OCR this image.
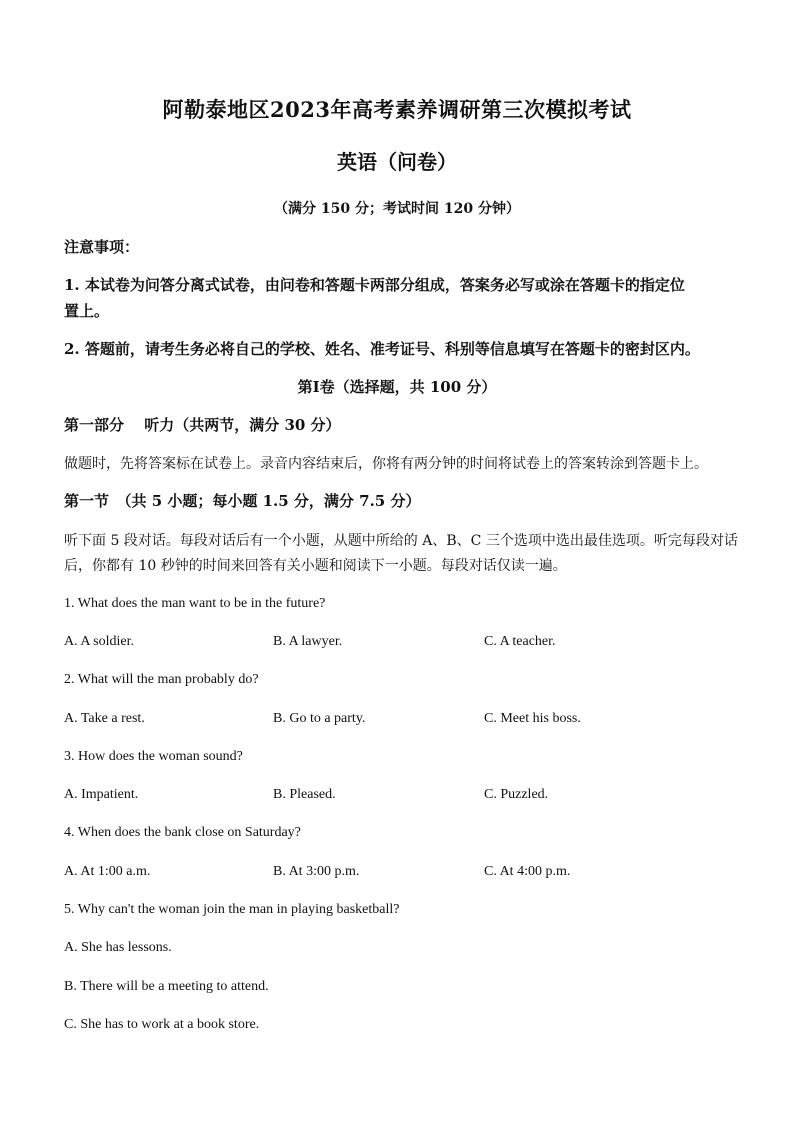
阿勒泰地区2023年高考素养调研第三次模拟考试
英语（问卷）
（满分 150 分；考试时间 120 分钟）
注意事项：
1. 本试卷为问答分离式试卷，由问卷和答题卡两部分组成，答案务必写或涂在答题卡的指定位
置上。
2. 答题前，请考生务必将自己的学校、姓名、准考证号、科别等信息填写在答题卡的密封区内。
第Ⅰ卷（选择题，共 100 分）
第一部分　 听力（共两节，满分 30 分）
做题时，先将答案标在试卷上。录音内容结束后，你将有两分钟的时间将试卷上的答案转涂到答题卡上。
第一节　（共 5 小题；每小题 1.5 分，满分 7.5 分）
听下面 5 段对话。每段对话后有一个小题，从题中所给的 A、B、C 三个选项中选出最佳选项。听完每段对话
后，你都有 10 秒钟的时间来回答有关小题和阅读下一小题。每段对话仅读一遍。
1. What does the man want to be in the future?
A. A soldier.	B. A lawyer.	C. A teacher.
2. What will the man probably do?
A. Take a rest.	B. Go to a party.	C. Meet his boss.
3. How does the woman sound?
A. Impatient.	B. Pleased.	C. Puzzled.
4. When does the bank close on Saturday?
A. At 1:00 a.m.	B. At 3:00 p.m.	C. At 4:00 p.m.
5. Why can't the woman join the man in playing basketball?
A. She has lessons.
B. There will be a meeting to attend.
C. She has to work at a book store.
